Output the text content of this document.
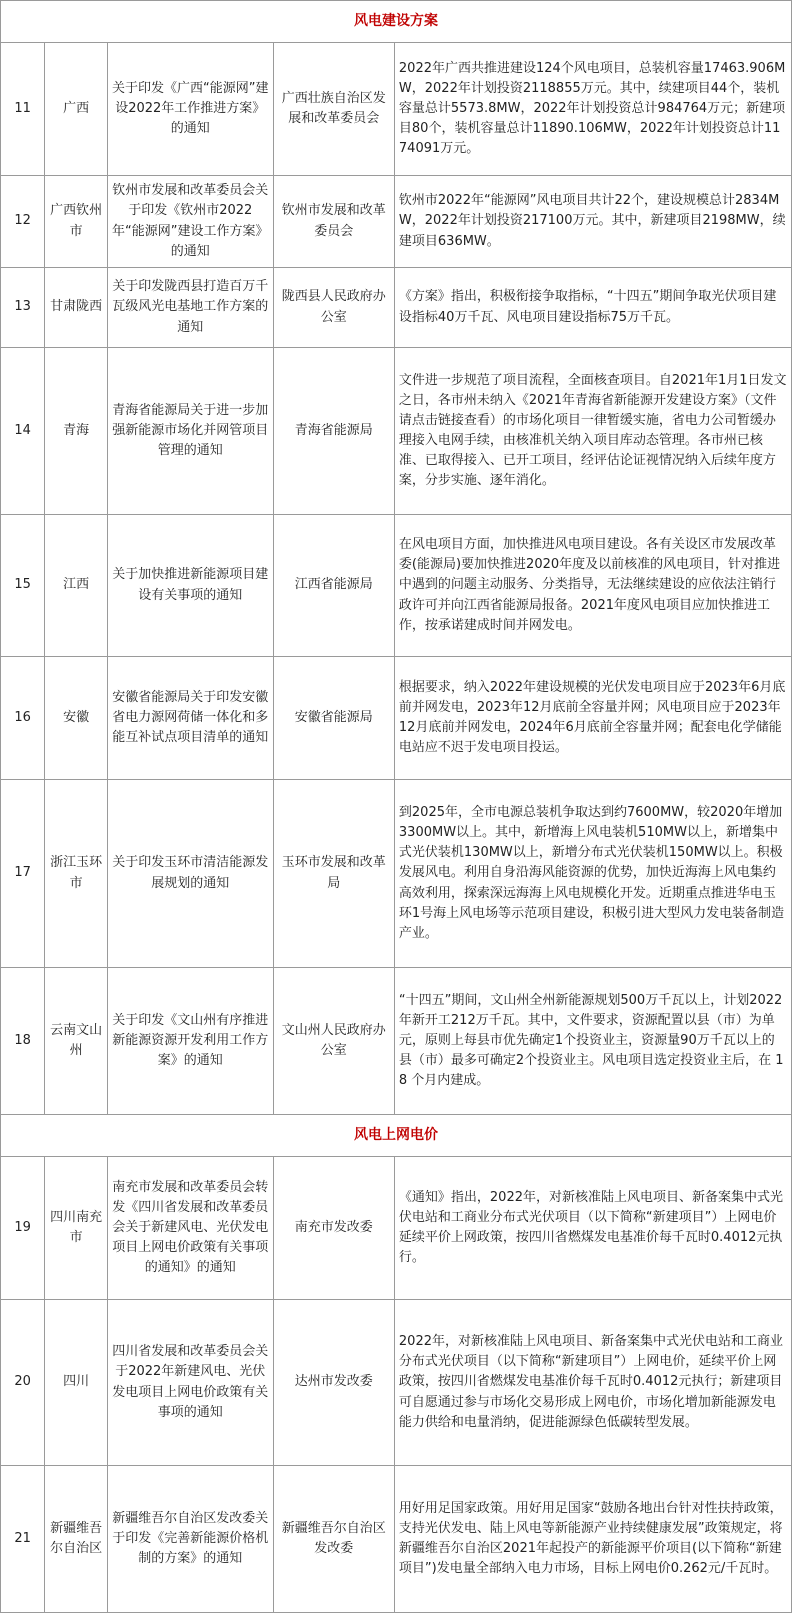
风电建设方案				
11	广西	关于印发《广西“能源网”建设2022年工作推进方案》的通知	广西壮族自治区发展和改革委员会	2022年广西共推进建设124个风电项目，总装机容量17463.906MW，2022年计划投资2118855万元。其中，续建项目44个，装机容量总计5573.8MW，2022年计划投资总计984764万元；新建项目80个，装机容量总计11890.106MW，2022年计划投资总计1174091万元。
12	广西钦州市	钦州市发展和改革委员会关于印发《钦州市2022年“能源网”建设工作方案》的通知	钦州市发展和改革委员会	钦州市2022年“能源网”风电项目共计22个，建设规模总计2834MW，2022年计划投资217100万元。其中，新建项目2198MW，续建项目636MW。
13	甘肃陇西	关于印发陇西县打造百万千瓦级风光电基地工作方案的通知	陇西县人民政府办公室	《方案》指出，积极衔接争取指标，“十四五”期间争取光伏项目建设指标40万千瓦、风电项目建设指标75万千瓦。
14	青海	青海省能源局关于进一步加强新能源市场化并网管项目管理的通知	青海省能源局	文件进一步规范了项目流程，全面核查项目。自2021年1月1日发文之日，各市州未纳入《2021年青海省新能源开发建设方案》（文件请点击链接查看）的市场化项目一律暂缓实施，省电力公司暂缓办理接入电网手续，由核准机关纳入项目库动态管理。各市州已核准、已取得接入、已开工项目，经评估论证视情况纳入后续年度方案，分步实施、逐年消化。
15	江西	关于加快推进新能源项目建设有关事项的通知	江西省能源局	在风电项目方面，加快推进风电项目建设。各有关设区市发展改革委(能源局)要加快推进2020年度及以前核准的风电项目，针对推进中遇到的问题主动服务、分类指导，无法继续建设的应依法注销行政许可并向江西省能源局报备。2021年度风电项目应加快推进工作，按承诺建成时间并网发电。
16	安徽	安徽省能源局关于印发安徽省电力源网荷储一体化和多能互补试点项目清单的通知	安徽省能源局	根据要求，纳入2022年建设规模的光伏发电项目应于2023年6月底前并网发电，2023年12月底前全容量并网；风电项目应于2023年12月底前并网发电，2024年6月底前全容量并网；配套电化学储能电站应不迟于发电项目投运。
17	浙江玉环市	关于印发玉环市清洁能源发展规划的通知	玉环市发展和改革局	到2025年，全市电源总装机争取达到约7600MW，较2020年增加3300MW以上。其中，新增海上风电装机510MW以上，新增集中式光伏装机130MW以上，新增分布式光伏装机150MW以上。积极发展风电。利用自身沿海风能资源的优势，加快近海海上风电集约高效利用，探索深远海海上风电规模化开发。近期重点推进华电玉环1号海上风电场等示范项目建设，积极引进大型风力发电装备制造产业。
18	云南文山州	关于印发《文山州有序推进新能源资源开发利用工作方案》的通知	文山州人民政府办公室	“十四五”期间，文山州全州新能源规划500万千瓦以上，计划2022年新开工212万千瓦。其中，文件要求，资源配置以县（市）为单元，原则上每县市优先确定1个投资业主，资源量90万千瓦以上的县（市）最多可确定2个投资业主。风电项目选定投资业主后，在 18 个月内建成。
风电上网电价				
19	四川南充市	南充市发展和改革委员会转发《四川省发展和改革委员会关于新建风电、光伏发电项目上网电价政策有关事项的通知》的通知	南充市发改委	《通知》指出，2022年，对新核准陆上风电项目、新备案集中式光伏电站和工商业分布式光伏项目（以下简称“新建项目”）上网电价延续平价上网政策，按四川省燃煤发电基准价每千瓦时0.4012元执行。
20	四川	四川省发展和改革委员会关于2022年新建风电、光伏发电项目上网电价政策有关事项的通知	达州市发改委	2022年，对新核准陆上风电项目、新备案集中式光伏电站和工商业分布式光伏项目（以下简称“新建项目”）上网电价，延续平价上网政策，按四川省燃煤发电基准价每千瓦时0.4012元执行；新建项目可自愿通过参与市场化交易形成上网电价，市场化增加新能源发电能力供给和电量消纳，促进能源绿色低碳转型发展。
21	新疆维吾尔自治区	新疆维吾尔自治区发改委关于印发《完善新能源价格机制的方案》的通知	新疆维吾尔自治区发改委	用好用足国家政策。用好用足国家“鼓励各地出台针对性扶持政策，支持光伏发电、陆上风电等新能源产业持续健康发展”政策规定，将新疆维吾尔自治区2021年起投产的新能源平价项目(以下简称“新建项目”)发电量全部纳入电力市场，目标上网电价0.262元/千瓦时。
